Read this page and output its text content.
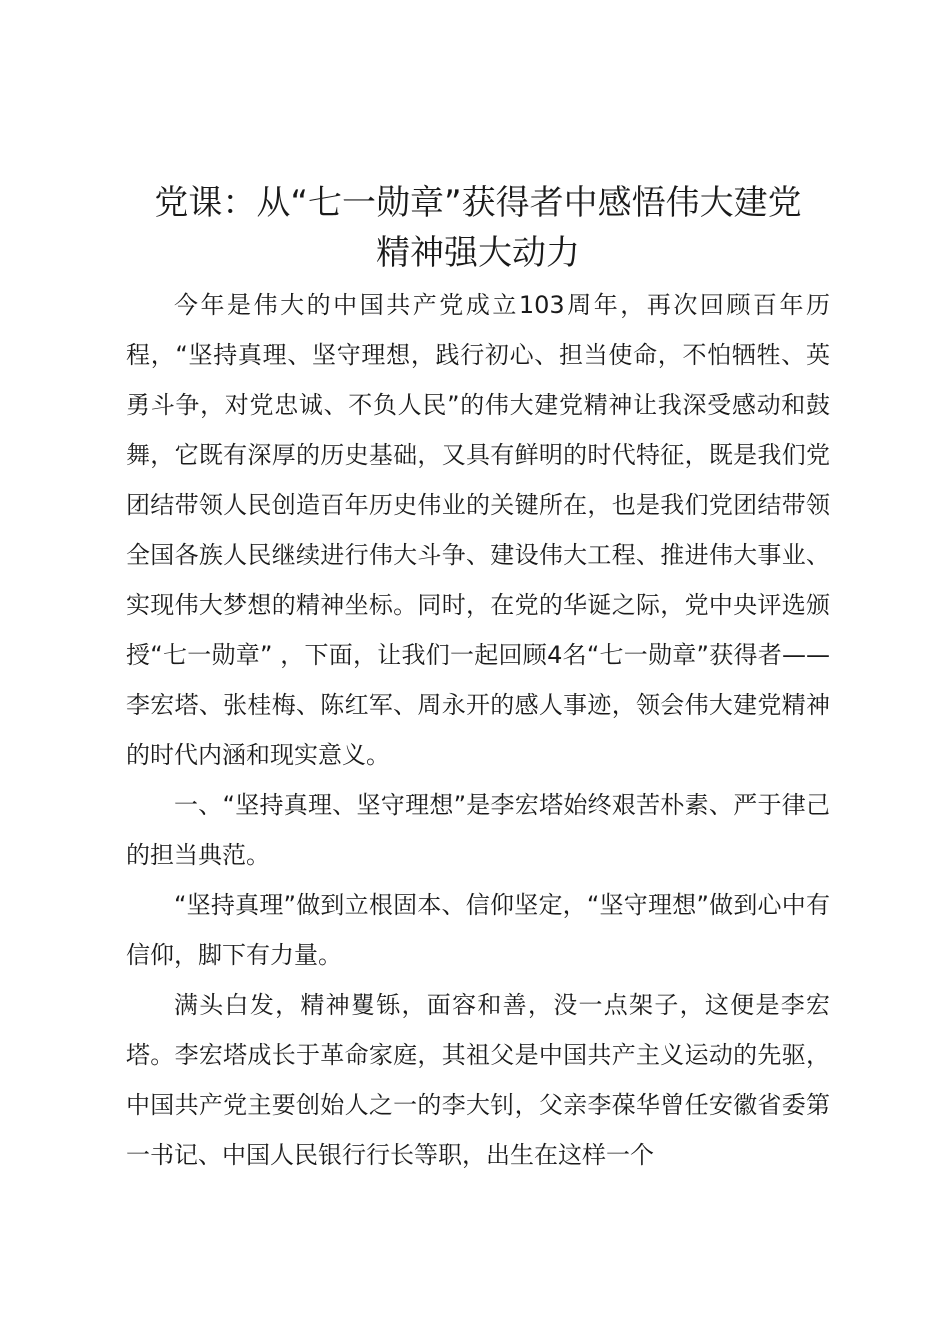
党课：从“七一勋章”获得者中感悟伟大建党
精神强大动力

今年是伟大的中国共产党成立103周年，再次回顾百年历程，“坚持真理、坚守理想，践行初心、担当使命，不怕牺牲、英勇斗争，对党忠诚、不负人民”的伟大建党精神让我深受感动和鼓舞，它既有深厚的历史基础，又具有鲜明的时代特征，既是我们党团结带领人民创造百年历史伟业的关键所在，也是我们党团结带领全国各族人民继续进行伟大斗争、建设伟大工程、推进伟大事业、实现伟大梦想的精神坐标。同时，在党的华诞之际，党中央评选颁授“七一勋章” ，下面，让我们一起回顾4名“七一勋章”获得者——李宏塔、张桂梅、陈红军、周永开的感人事迹，领会伟大建党精神的时代内涵和现实意义。

一、“坚持真理、坚守理想”是李宏塔始终艰苦朴素、严于律己的担当典范。

“坚持真理”做到立根固本、信仰坚定，“坚守理想”做到心中有信仰，脚下有力量。

满头白发，精神矍铄，面容和善，没一点架子，这便是李宏塔。李宏塔成长于革命家庭，其祖父是中国共产主义运动的先驱，中国共产党主要创始人之一的李大钊，父亲李葆华曾任安徽省委第一书记、中国人民银行行长等职，出生在这样一个
